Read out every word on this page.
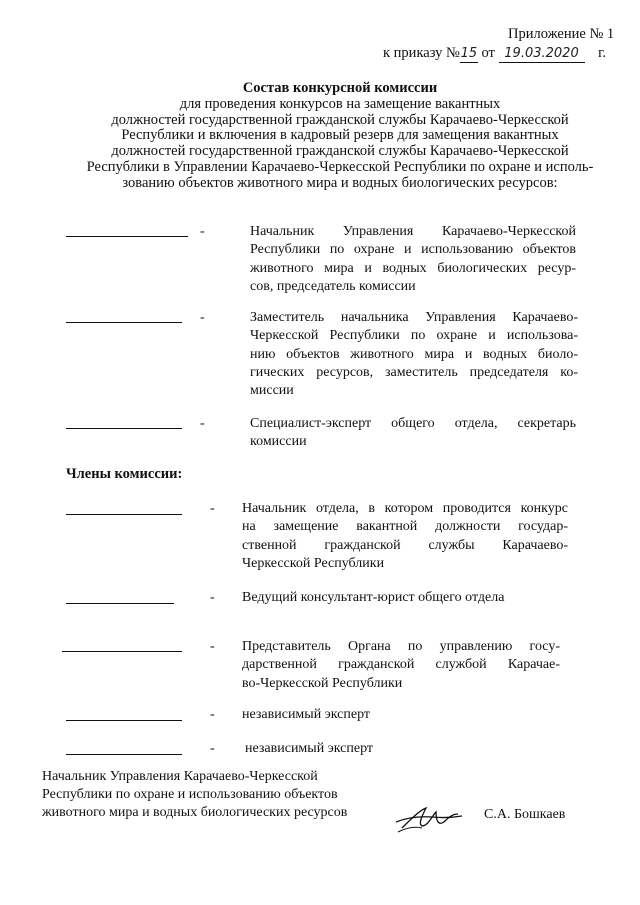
Приложение № 1
к приказу №15 от 19.03.2020 г.
Состав конкурсной комиссии
для проведения конкурсов на замещение вакантных
должностей государственной гражданской службы Карачаево-Черкесской
Республики и включения в кадровый резерв для замещения вакантных
должностей государственной гражданской службы Карачаево-Черкесской
Республики в Управлении Карачаево-Черкесской Республики по охране и исполь-
зованию объектов животного мира и водных биологических ресурсов:
-	Начальник Управления Карачаево-Черкесской
Республики по охране и использованию объектов
животного мира и водных биологических ресур-
сов, председатель комиссии
-	Заместитель начальника Управления Карачаево-
Черкесской Республики по охране и использова-
нию объектов животного мира и водных биоло-
гических ресурсов, заместитель председателя ко-
миссии
-	Специалист-эксперт общего отдела, секретарь
комиссии
Члены комиссии:
- Начальник отдела, в котором проводится конкурс
на замещение вакантной должности государ-
ственной гражданской службы Карачаево-
Черкесской Республики
- Ведущий консультант-юрист общего отдела
- Представитель Органа по управлению госу-
дарственной гражданской службой Карачае-
во-Черкесской Республики
- независимый эксперт
- независимый эксперт
Начальник Управления Карачаево-Черкесской
Республики по охране и использованию объектов
животного мира и водных биологических ресурсов	С.А. Бошкаев
